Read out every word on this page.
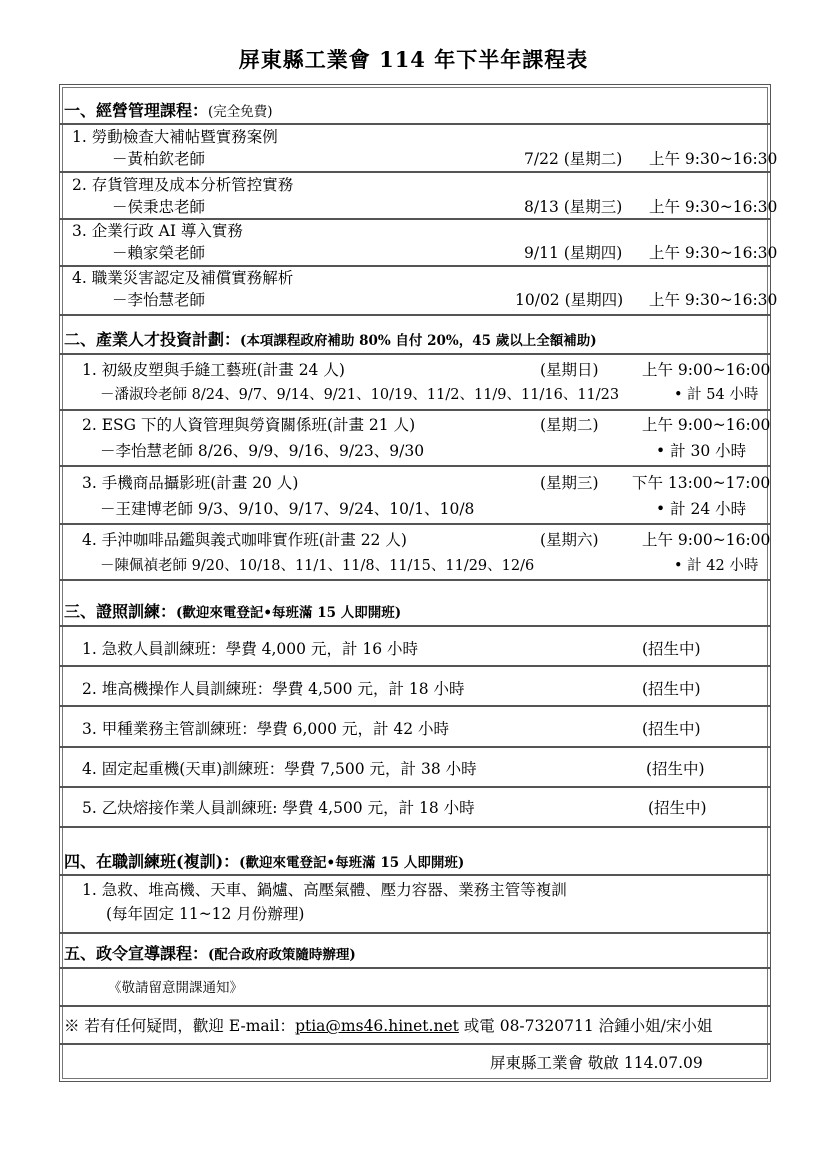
屏東縣工業會 114 年下半年課程表
一、經營管理課程：(完全免費)
1. 勞動檢查大補帖暨實務案例
－黃柏欽老師	7/22 (星期二) 上午 9:30~16:30
2. 存貨管理及成本分析管控實務
－侯秉忠老師	8/13 (星期三) 上午 9:30~16:30
3. 企業行政 AI 導入實務
－賴家榮老師	9/11 (星期四) 上午 9:30~16:30
4. 職業災害認定及補償實務解析
－李怡慧老師	10/02 (星期四) 上午 9:30~16:30
二、產業人才投資計劃：(本項課程政府補助 80% 自付 20%，45 歲以上全額補助)
1. 初級皮塑與手縫工藝班(計畫 24 人)	(星期日)	上午 9:00~16:00
－潘淑玲老師 8/24、9/7、9/14、9/21、10/19、11/2、11/9、11/16、11/23	• 計 54 小時
2. ESG 下的人資管理與勞資關係班(計畫 21 人)	(星期二)	上午 9:00~16:00
－李怡慧老師 8/26、9/9、9/16、9/23、9/30	• 計 30 小時
3. 手機商品攝影班(計畫 20 人)	(星期三) 下午 13:00~17:00
－王建博老師 9/3、9/10、9/17、9/24、10/1、10/8	• 計 24 小時
4. 手沖咖啡品鑑與義式咖啡實作班(計畫 22 人)	(星期六)	上午 9:00~16:00
－陳佩禎老師 9/20、10/18、11/1、11/8、11/15、11/29、12/6	• 計 42 小時
三、證照訓練：(歡迎來電登記•每班滿 15 人即開班)
1. 急救人員訓練班：學費 4,000 元，計 16 小時	(招生中)
2. 堆高機操作人員訓練班：學費 4,500 元，計 18 小時	(招生中)
3. 甲種業務主管訓練班：學費 6,000 元，計 42 小時	(招生中)
4. 固定起重機(天車)訓練班：學費 7,500 元，計 38 小時	(招生中)
5. 乙炔熔接作業人員訓練班: 學費 4,500 元，計 18 小時	(招生中)
四、在職訓練班(複訓)：(歡迎來電登記•每班滿 15 人即開班)
1. 急救、堆高機、天車、鍋爐、高壓氣體、壓力容器、業務主管等複訓
(每年固定 11~12 月份辦理)
五、政令宣導課程：(配合政府政策隨時辦理)
《敬請留意開課通知》
※ 若有任何疑問，歡迎 E-mail：ptia@ms46.hinet.net 或電 08-7320711 洽鍾小姐/宋小姐
屏東縣工業會 敬啟 114.07.09
